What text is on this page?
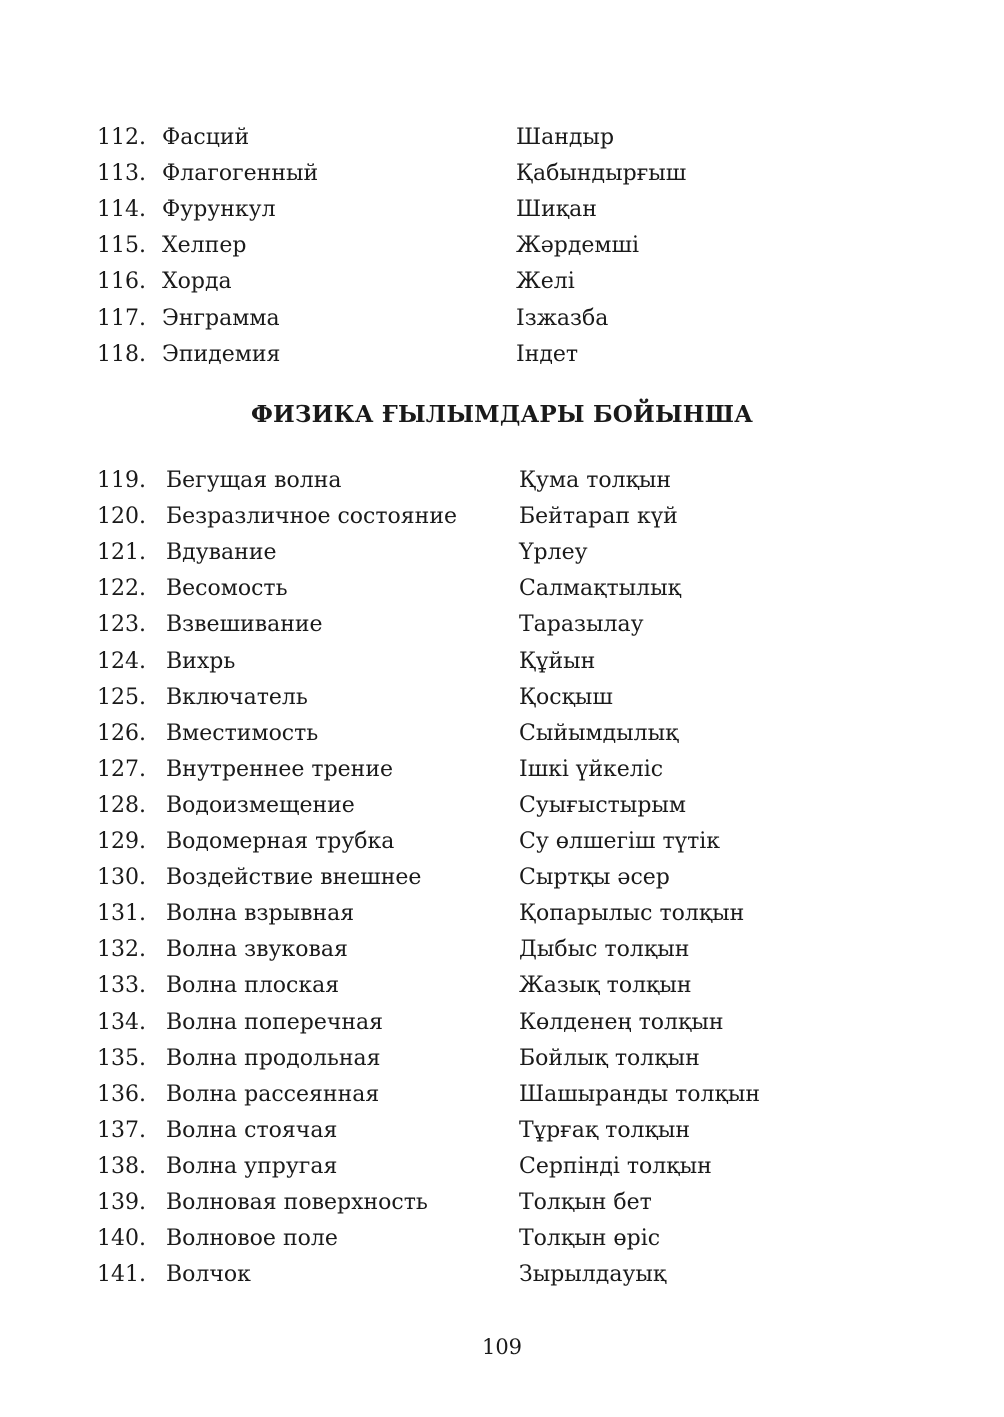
112. Фасций	Шандыр
113. Флагогенный	Қабындырғыш
114. Фурункул	Шиқан
115. Хелпер	Жәрдемші
116. Хорда	Желі
117. Энграмма	Ізжазба
118. Эпидемия	Індет
ФИЗИКА ҒЫЛЫМДАРЫ БОЙЫНША
119. Бегущая волна	Қума толқын
120. Безразличное состояние	Бейтарап күй
121. Вдувание	Үрлеу
122. Весомость	Салмақтылық
123. Взвешивание	Таразылау
124. Вихрь	Құйын
125. Включатель	Қосқыш
126. Вместимость	Сыйымдылық
127. Внутреннее трение	Ішкі үйкеліс
128. Водоизмещение	Суығыстырым
129. Водомерная трубка	Су өлшегіш түтік
130. Воздействие внешнее	Сыртқы әсер
131. Волна взрывная	Қопарылыс толқын
132. Волна звуковая	Дыбыс толқын
133. Волна плоская	Жазық толқын
134. Волна поперечная	Көлденең толқын
135. Волна продольная	Бойлық толқын
136. Волна рассеянная	Шашыранды толқын
137. Волна стоячая	Тұрғақ толқын
138. Волна упругая	Серпінді толқын
139. Волновая поверхность	Толқын бет
140. Волновое поле	Толқын өріс
141. Волчок	Зырылдауық
109
